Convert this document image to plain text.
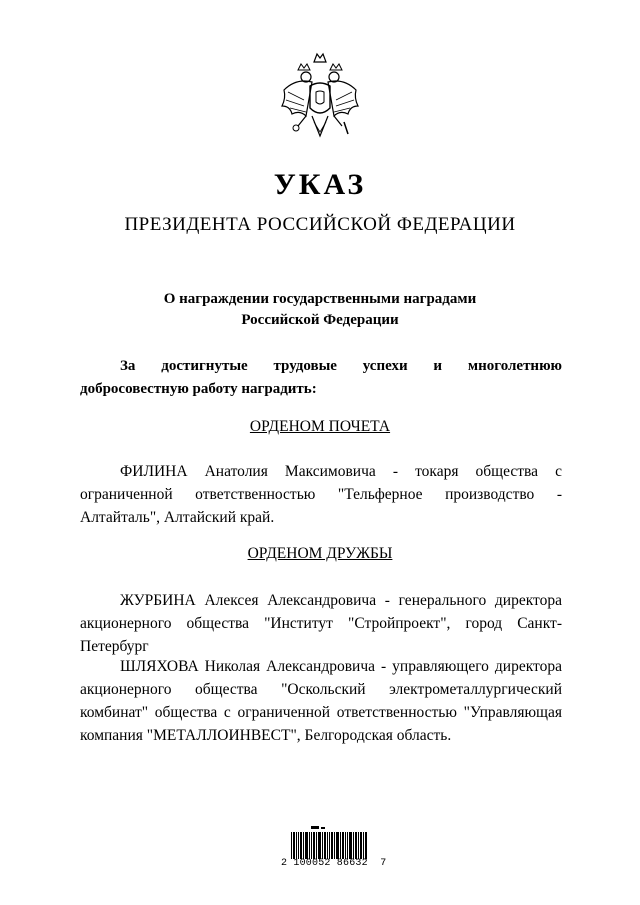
УКАЗ
ПРЕЗИДЕНТА РОССИЙСКОЙ ФЕДЕРАЦИИ
О награждении государственными наградами
Российской Федерации
За достигнутые трудовые успехи и многолетнюю добросовестную работу наградить:
ОРДЕНОМ ПОЧЕТА
ФИЛИНА Анатолия Максимовича - токаря общества с ограниченной ответственностью "Тельферное производство - Алтайталь", Алтайский край.
ОРДЕНОМ ДРУЖБЫ
ЖУРБИНА Алексея Александровича - генерального директора акционерного общества "Институт "Стройпроект", город Санкт-Петербург
ШЛЯХОВА Николая Александровича - управляющего директора акционерного общества "Оскольский электрометаллургический комбинат" общества с ограниченной ответственностью "Управляющая компания "МЕТАЛЛОИНВЕСТ", Белгородская область.
2 100052 86632  7
